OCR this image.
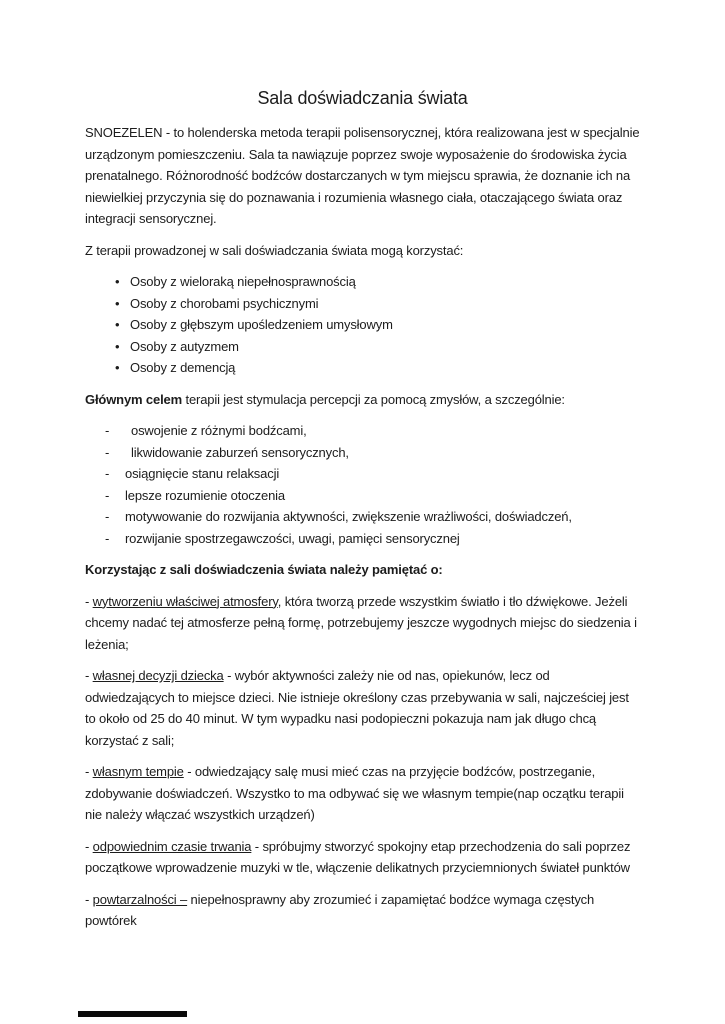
Sala doświadczania świata

SNOEZELEN - to holenderska metoda terapii polisensorycznej, która realizowana jest w specjalnie urządzonym pomieszczeniu. Sala ta nawiązuje poprzez swoje wyposażenie do środowiska życia prenatalnego. Różnorodność bodźców dostarczanych w tym miejscu sprawia, że doznanie ich na niewielkiej przyczynia się do poznawania i rozumienia własnego ciała, otaczającego świata oraz integracji sensorycznej.

Z terapii prowadzonej w sali doświadczania świata mogą korzystać:

• Osoby z wieloraką niepełnosprawnością
• Osoby z chorobami psychicznymi
• Osoby z głębszym upośledzeniem umysłowym
• Osoby z autyzmem
• Osoby z demencją

Głównym celem terapii jest stymulacja percepcji za pomocą zmysłów, a szczególnie:

- oswojenie z różnymi bodźcami,
- likwidowanie zaburzeń sensorycznych,
- osiągnięcie stanu relaksacji
- lepsze rozumienie otoczenia
- motywowanie do rozwijania aktywności, zwiększenie wrażliwości, doświadczeń,
- rozwijanie spostrzegawczości, uwagi, pamięci sensorycznej

Korzystając z sali doświadczenia świata należy pamiętać o:

- wytworzeniu właściwej atmosfery, która tworzą przede wszystkim światło i tło dźwiękowe. Jeżeli chcemy nadać tej atmosferze pełną formę, potrzebujemy jeszcze wygodnych miejsc do siedzenia i leżenia;

- własnej decyzji dziecka - wybór aktywności zależy nie od nas, opiekunów, lecz od odwiedzających to miejsce dzieci. Nie istnieje określony czas przebywania w sali, najcześciej jest to około od 25 do 40 minut. W tym wypadku nasi podopieczni pokazuja nam jak długo chcą korzystać z sali;

- własnym tempie - odwiedzający salę musi mieć czas na przyjęcie bodźców, postrzeganie, zdobywanie doświadczeń. Wszystko to ma odbywać się we własnym tempie(nap oczątku terapii nie należy włączać wszystkich urządzeń)

- odpowiednim czasie trwania - spróbujmy stworzyć spokojny etap przechodzenia do sali poprzez początkowe wprowadzenie muzyki w tle, włączenie delikatnych przyciemnionych świateł punktów

- powtarzalności – niepełnosprawny aby zrozumieć i zapamiętać bodźce wymaga częstych powtórek
